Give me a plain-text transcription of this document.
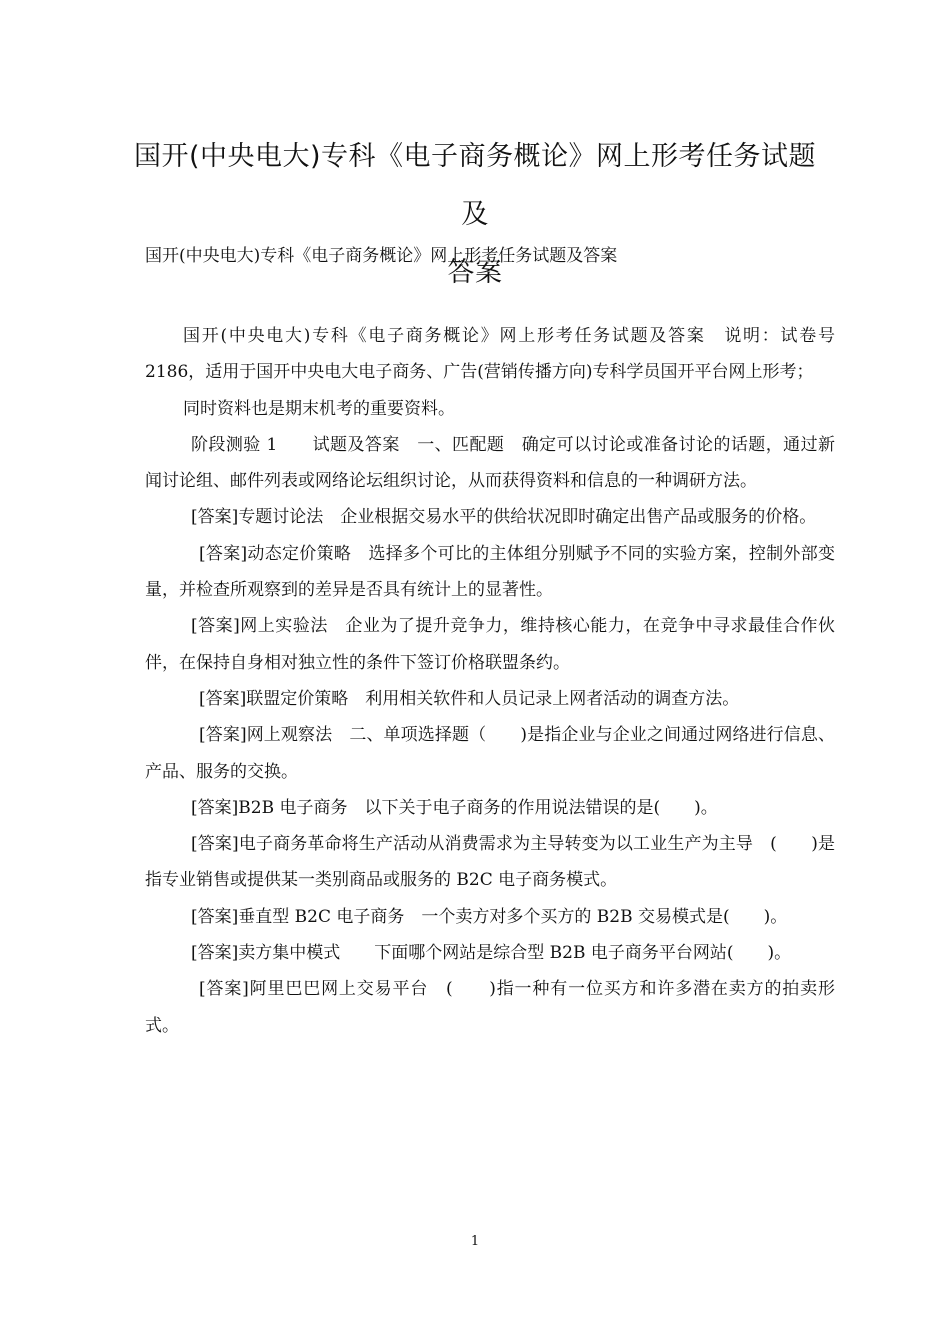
国开(中央电大)专科《电子商务概论》网上形考任务试题及
答案
国开(中央电大)专科《电子商务概论》网上形考任务试题及答案

国开(中央电大)专科《电子商务概论》网上形考任务试题及答案　说明：试卷号 2186，适用于国开中央电大电子商务、广告(营销传播方向)专科学员国开平台网上形考；

同时资料也是期末机考的重要资料。

阶段测验 1　　试题及答案　一、匹配题　确定可以讨论或准备讨论的话题，通过新闻讨论组、邮件列表或网络论坛组织讨论，从而获得资料和信息的一种调研方法。

[答案]专题讨论法　企业根据交易水平的供给状况即时确定出售产品或服务的价格。

[答案]动态定价策略　选择多个可比的主体组分别赋予不同的实验方案，控制外部变量，并检查所观察到的差异是否具有统计上的显著性。

[答案]网上实验法　企业为了提升竞争力，维持核心能力，在竞争中寻求最佳合作伙伴，在保持自身相对独立性的条件下签订价格联盟条约。

[答案]联盟定价策略　利用相关软件和人员记录上网者活动的调查方法。

[答案]网上观察法　二、单项选择题（　　)是指企业与企业之间通过网络进行信息、产品、服务的交换。

[答案]B2B 电子商务　以下关于电子商务的作用说法错误的是(　　)。

[答案]电子商务革命将生产活动从消费需求为主导转变为以工业生产为主导　(　　)是指专业销售或提供某一类别商品或服务的 B2C 电子商务模式。

[答案]垂直型 B2C 电子商务　一个卖方对多个买方的 B2B 交易模式是(　　)。

[答案]卖方集中模式　　下面哪个网站是综合型 B2B 电子商务平台网站(　　)。

[答案]阿里巴巴网上交易平台　(　　)指一种有一位买方和许多潜在卖方的拍卖形式。

1
